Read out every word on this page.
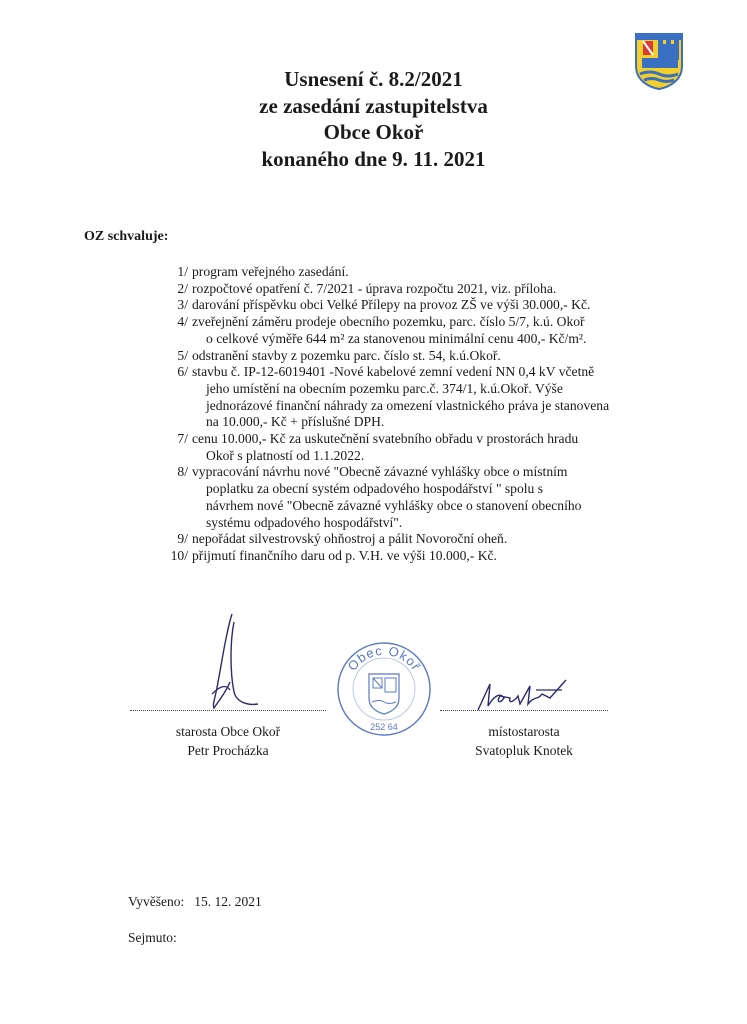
Usnesení č. 8.2/2021
ze zasedání zastupitelstva
Obce Okoř
konaného dne 9. 11. 2021
OZ schvaluje:
1/ program veřejného zasedání.
2/ rozpočtové opatření č. 7/2021 - úprava rozpočtu 2021, viz. příloha.
3/ darování příspěvku obci Velké Přílepy na provoz ZŠ ve výši 30.000,- Kč.
4/ zveřejnění záměru prodeje obecního pozemku, parc. číslo 5/7, k.ú. Okoř
o celkové výměře 644 m² za stanovenou minimální cenu 400,- Kč/m².
5/ odstranění stavby z pozemku parc. číslo st. 54, k.ú.Okoř.
6/ stavbu č. IP-12-6019401 -Nové kabelové zemní vedení NN 0,4 kV včetně
jeho umístění na obecním pozemku parc.č. 374/1, k.ú.Okoř. Výše
jednorázové finanční náhrady za omezení vlastnického práva je stanovena
na 10.000,- Kč + příslušné DPH.
7/ cenu 10.000,- Kč za uskutečnění svatebního obřadu v prostorách hradu
Okoř s platností od 1.1.2022.
8/ vypracování návrhu nové "Obecně závazné vyhlášky obce o místním
poplatku za obecní systém odpadového hospodářství " spolu s
návrhem nové "Obecně závazné vyhlášky obce o stanovení obecního
systému odpadového hospodářství".
9/ nepořádat silvestrovský ohňostroj a pálit Novoroční oheň.
10/ přijmutí finančního daru od p. V.H. ve výši 10.000,- Kč.
starosta Obce Okoř
Petr Procházka
místostarosta
Svatopluk Knotek
Obec Okoř
252 64
Vyvěšeno: 15. 12. 2021
Sejmuto:
